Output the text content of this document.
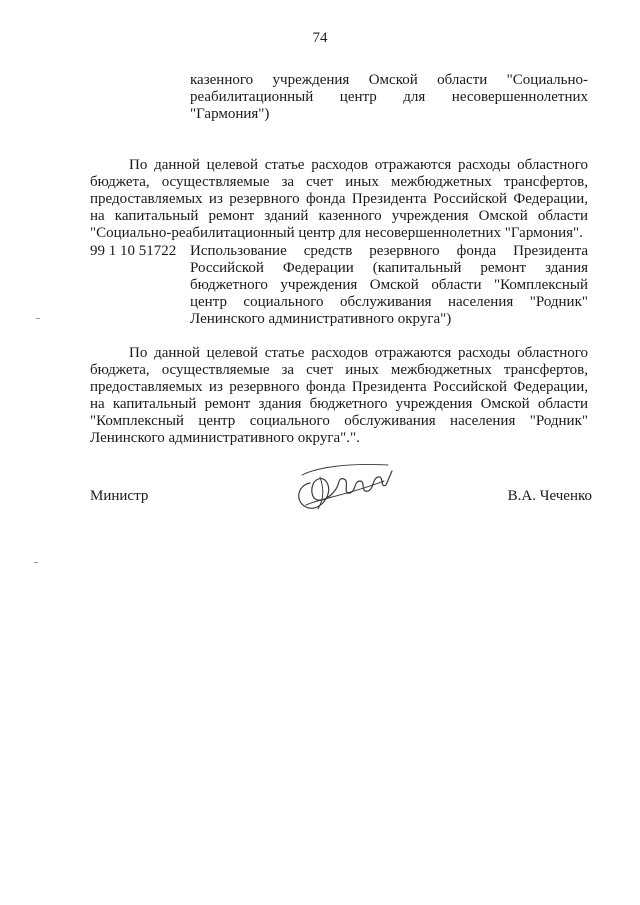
74
казенного учреждения Омской области "Социально-
реабилитационный центр для несовершеннолетних
"Гармония")
По данной целевой статье расходов отражаются расходы областного
бюджета, осуществляемые за счет иных межбюджетных трансфертов,
предоставляемых из резервного фонда Президента Российской Федерации,
на капитальный ремонт зданий казенного учреждения Омской области
"Социально-реабилитационный центр для несовершеннолетних "Гармония".
99 1 10 51722 Использование средств резервного фонда Президента
Российской Федерации (капитальный ремонт здания
бюджетного учреждения Омской области "Комплексный
центр социального обслуживания населения "Родник"
Ленинского административного округа")
По данной целевой статье расходов отражаются расходы областного
бюджета, осуществляемые за счет иных межбюджетных трансфертов,
предоставляемых из резервного фонда Президента Российской Федерации,
на капитальный ремонт здания бюджетного учреждения Омской области
"Комплексный центр социального обслуживания населения "Родник"
Ленинского административного округа".".
Министр	В.А. Чеченко
